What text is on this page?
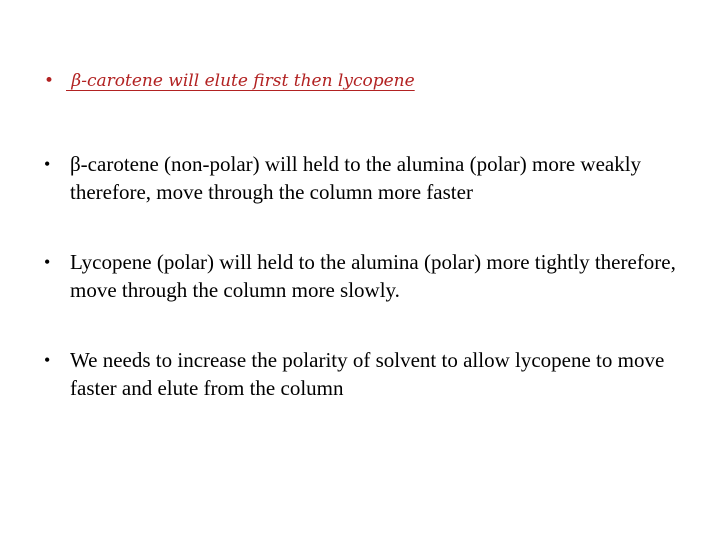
• β-carotene will elute first then lycopene
• β-carotene (non-polar) will held to the alumina (polar) more weakly therefore, move through the column more faster
• Lycopene (polar) will held to the alumina (polar) more tightly therefore, move through the column more slowly.
• We needs to increase the polarity of solvent to allow lycopene to move faster and elute from the column
